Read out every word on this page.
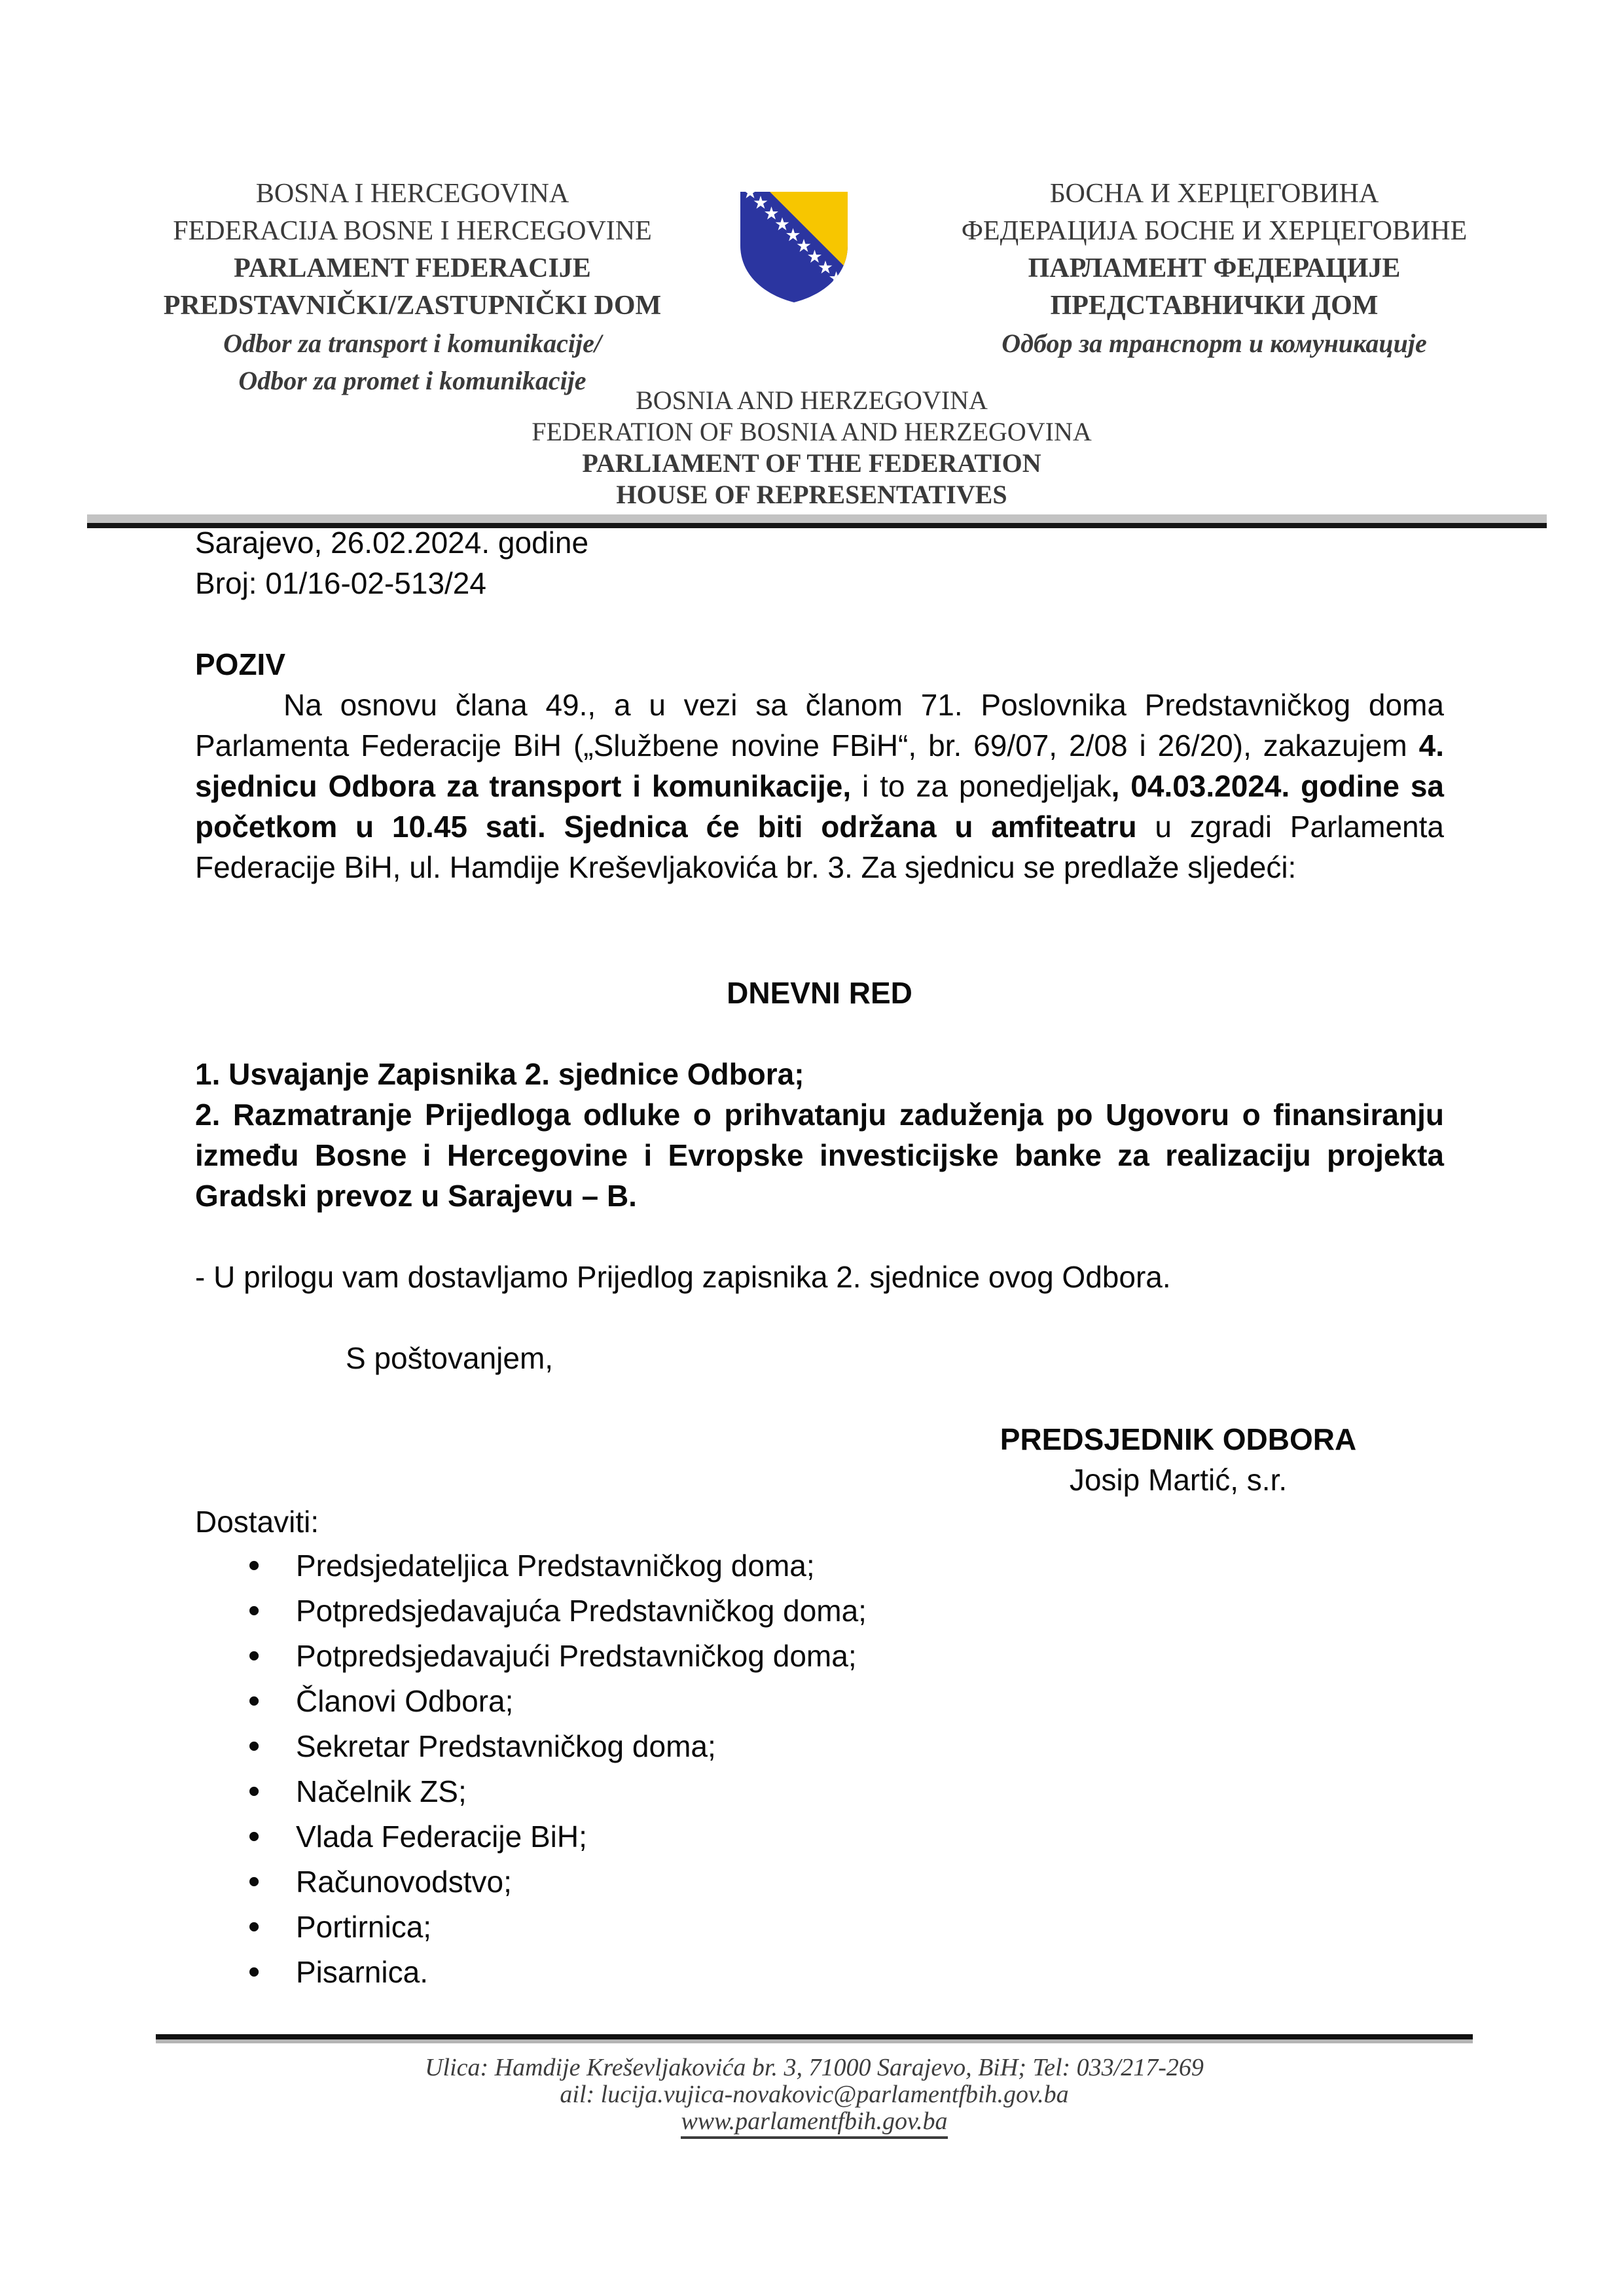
BOSNA I HERCEGOVINA
FEDERACIJA BOSNE I HERCEGOVINE
PARLAMENT FEDERACIJE
PREDSTAVNIČKI/ZASTUPNIČKI DOM
Odbor za transport i komunikacije/
Odbor za promet i komunikacije
БОСНА И ХЕРЦЕГОВИНА
ФЕДЕРАЦИЈА БОСНЕ И ХЕРЦЕГОВИНЕ
ПАРЛАМЕНТ ФЕДЕРАЦИЈЕ
ПРЕДСТАВНИЧКИ ДОМ
Одбор за транспорт и комуникације
BOSNIA AND HERZEGOVINA
FEDERATION OF BOSNIA AND HERZEGOVINA
PARLIAMENT OF THE FEDERATION
HOUSE OF REPRESENTATIVES
Sarajevo, 26.02.2024. godine
Broj: 01/16-02-513/24
POZIV
Na osnovu člana 49., a u vezi sa članom 71. Poslovnika Predstavničkog doma Parlamenta Federacije BiH („Službene novine FBiH“, br. 69/07, 2/08 i 26/20), zakazujem 4. sjednicu Odbora za transport i komunikacije, i to za ponedjeljak, 04.03.2024. godine sa početkom u 10.45 sati. Sjednica će biti održana u amfiteatru u zgradi Parlamenta Federacije BiH, ul. Hamdije Kreševljakovića br. 3. Za sjednicu se predlaže sljedeći:
DNEVNI RED
1. Usvajanje Zapisnika 2. sjednice Odbora;
2. Razmatranje Prijedloga odluke o prihvatanju zaduženja po Ugovoru o finansiranju između Bosne i Hercegovine i Evropske investicijske banke za realizaciju projekta Gradski prevoz u Sarajevu – B.
- U prilogu vam dostavljamo Prijedlog zapisnika 2. sjednice ovog Odbora.
S poštovanjem,
PREDSJEDNIK ODBORA
Josip Martić, s.r.
Dostaviti:
• Predsjedateljica Predstavničkog doma;
• Potpredsjedavajuća Predstavničkog doma;
• Potpredsjedavajući Predstavničkog doma;
• Članovi Odbora;
• Sekretar Predstavničkog doma;
• Načelnik ZS;
• Vlada Federacije BiH;
• Računovodstvo;
• Portirnica;
• Pisarnica.
Ulica: Hamdije Kreševljakovića br. 3, 71000 Sarajevo, BiH; Tel: 033/217-269
ail: lucija.vujica-novakovic@parlamentfbih.gov.ba
www.parlamentfbih.gov.ba
